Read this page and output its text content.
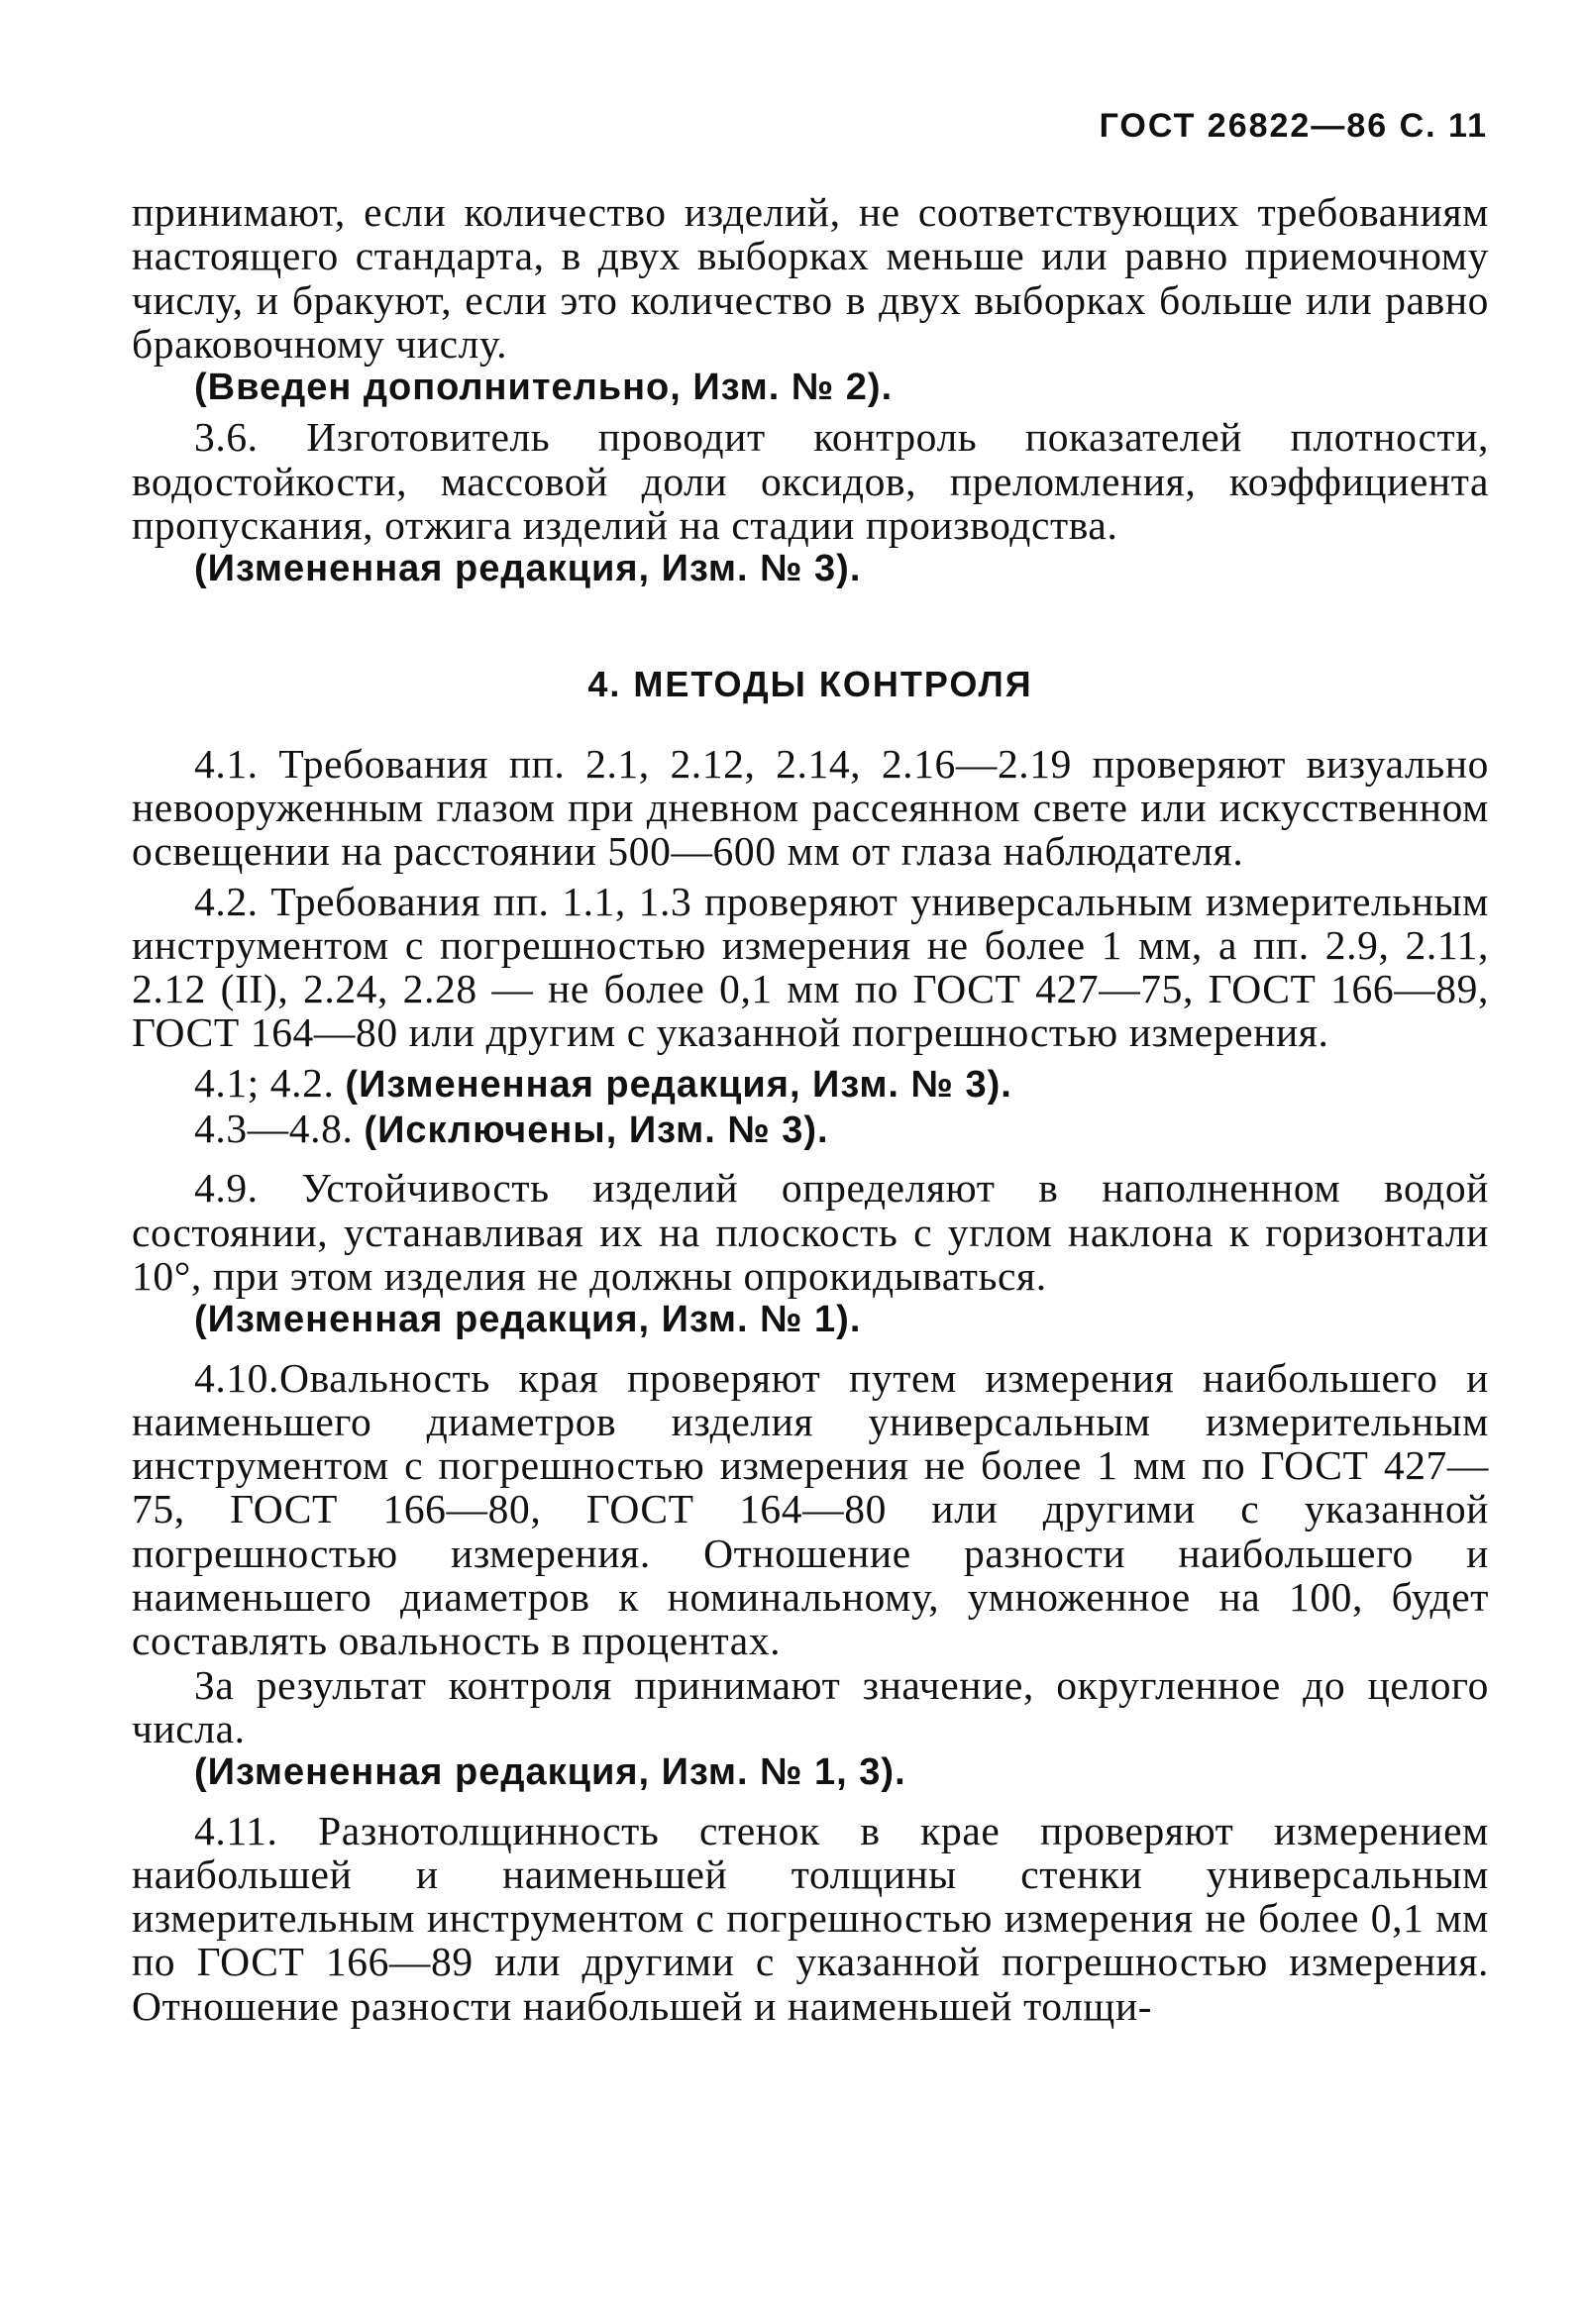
ГОСТ 26822—86 С. 11

принимают, если количество изделий, не соответствующих требованиям настоящего стандарта, в двух выборках меньше или равно приемочному числу, и бракуют, если это количество в двух выборках больше или равно браковочному числу.

(Введен дополнительно, Изм. № 2).

3.6. Изготовитель проводит контроль показателей плотности, водостойкости, массовой доли оксидов, преломления, коэффициента пропускания, отжига изделий на стадии производства.

(Измененная редакция, Изм. № 3).

4. МЕТОДЫ КОНТРОЛЯ

4.1. Требования пп. 2.1, 2.12, 2.14, 2.16—2.19 проверяют визуально невооруженным глазом при дневном рассеянном свете или искусственном освещении на расстоянии 500—600 мм от глаза наблюдателя.

4.2. Требования пп. 1.1, 1.3 проверяют универсальным измерительным инструментом с погрешностью измерения не более 1 мм, а пп. 2.9, 2.11, 2.12 (II), 2.24, 2.28 — не более 0,1 мм по ГОСТ 427—75, ГОСТ 166—89, ГОСТ 164—80 или другим с указанной погрешностью измерения.

4.1; 4.2. (Измененная редакция, Изм. № 3).

4.3—4.8. (Исключены, Изм. № 3).

4.9. Устойчивость изделий определяют в наполненном водой состоянии, устанавливая их на плоскость с углом наклона к горизонтали 10°, при этом изделия не должны опрокидываться.

(Измененная редакция, Изм. № 1).

4.10.Овальность края проверяют путем измерения наибольшего и наименьшего диаметров изделия универсальным измерительным инструментом с погрешностью измерения не более 1 мм по ГОСТ 427—75, ГОСТ 166—80, ГОСТ 164—80 или другими с указанной погрешностью измерения. Отношение разности наибольшего и наименьшего диаметров к номинальному, умноженное на 100, будет составлять овальность в процентах.

За результат контроля принимают значение, округленное до целого числа.

(Измененная редакция, Изм. № 1, 3).

4.11. Разнотолщинность стенок в крае проверяют измерением наибольшей и наименьшей толщины стенки универсальным измерительным инструментом с погрешностью измерения не более 0,1 мм по ГОСТ 166—89 или другими с указанной погрешностью измерения. Отношение разности наибольшей и наименьшей толщи-
